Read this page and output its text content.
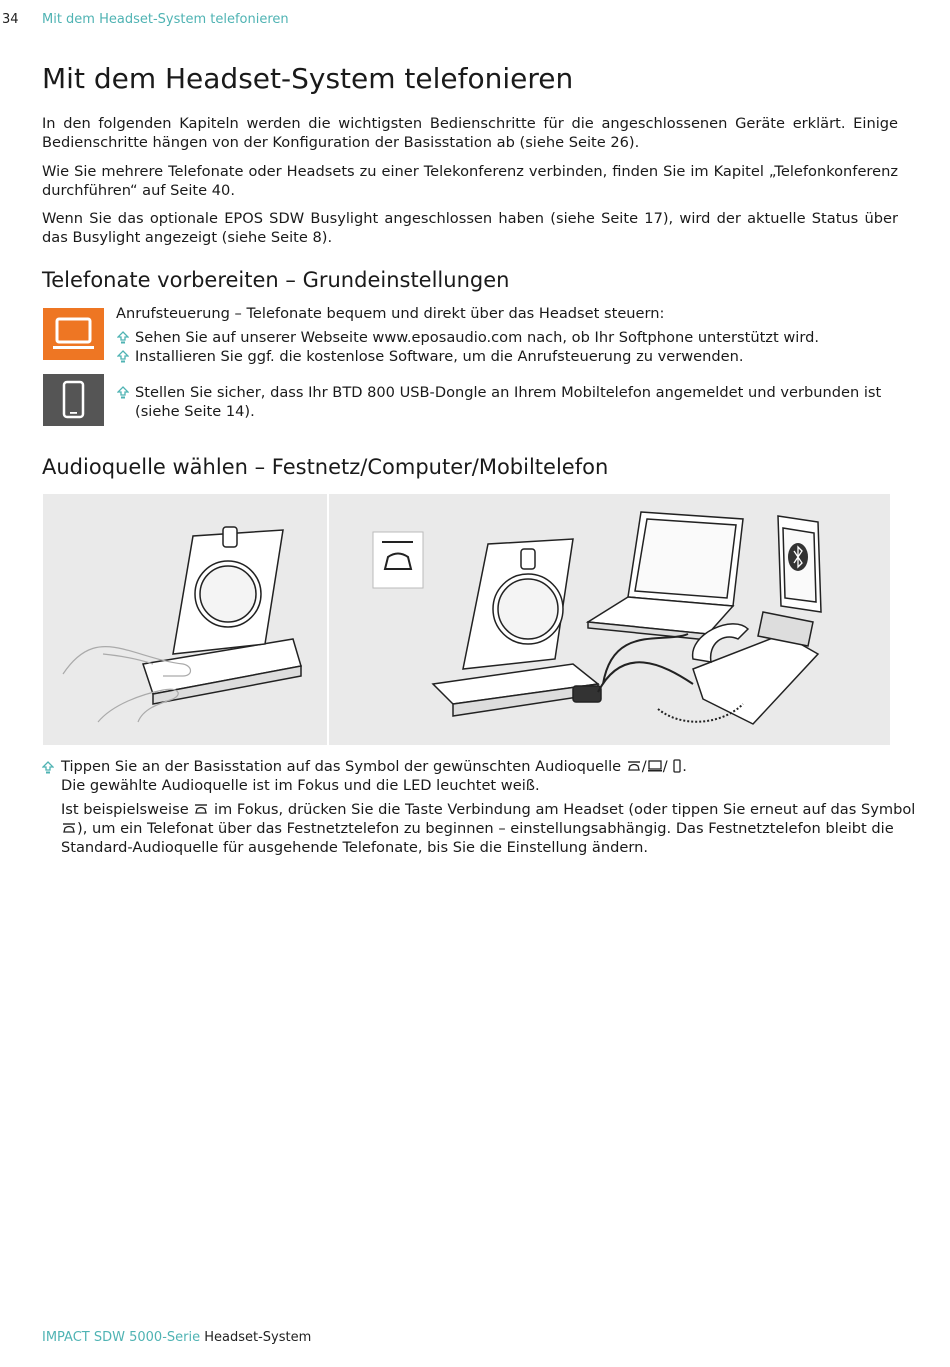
34 Mit dem Headset-System telefonieren
Mit dem Headset-System telefonieren

In den folgenden Kapiteln werden die wichtigsten Bedienschritte für die angeschlossenen Geräte erklärt. Einige Bedienschritte hängen von der Konfiguration der Basisstation ab (siehe Seite 26).

Wie Sie mehrere Telefonate oder Headsets zu einer Telekonferenz verbinden, finden Sie im Kapitel „Telefonkonferenz durchführen“ auf Seite 40.

Wenn Sie das optionale EPOS SDW Busylight angeschlossen haben (siehe Seite 17), wird der aktuelle Status über das Busylight angezeigt (siehe Seite 8).

Telefonate vorbereiten – Grundeinstellungen
Anrufsteuerung – Telefonate bequem und direkt über das Headset steuern:
Sehen Sie auf unserer Webseite www.eposaudio.com nach, ob Ihr Softphone unterstützt wird.
Installieren Sie ggf. die kostenlose Software, um die Anrufsteuerung zu verwenden.
Stellen Sie sicher, dass Ihr BTD 800 USB-Dongle an Ihrem Mobiltelefon angemeldet und verbunden ist
(siehe Seite 14).
Audioquelle wählen – Festnetz/Computer/Mobiltelefon
Tippen Sie an der Basisstation auf das Symbol der gewünschten Audioquelle / / .
Die gewählte Audioquelle ist im Fokus und die LED leuchtet weiß.
Ist beispielsweise im Fokus, drücken Sie die Taste Verbindung am Headset (oder tippen Sie erneut auf das Symbol
), um ein Telefonat über das Festnetztelefon zu beginnen – einstellungsabhängig. Das Festnetztelefon bleibt die
Standard-Audioquelle für ausgehende Telefonate, bis Sie die Einstellung ändern.
IMPACT SDW 5000-Serie Headset-System
